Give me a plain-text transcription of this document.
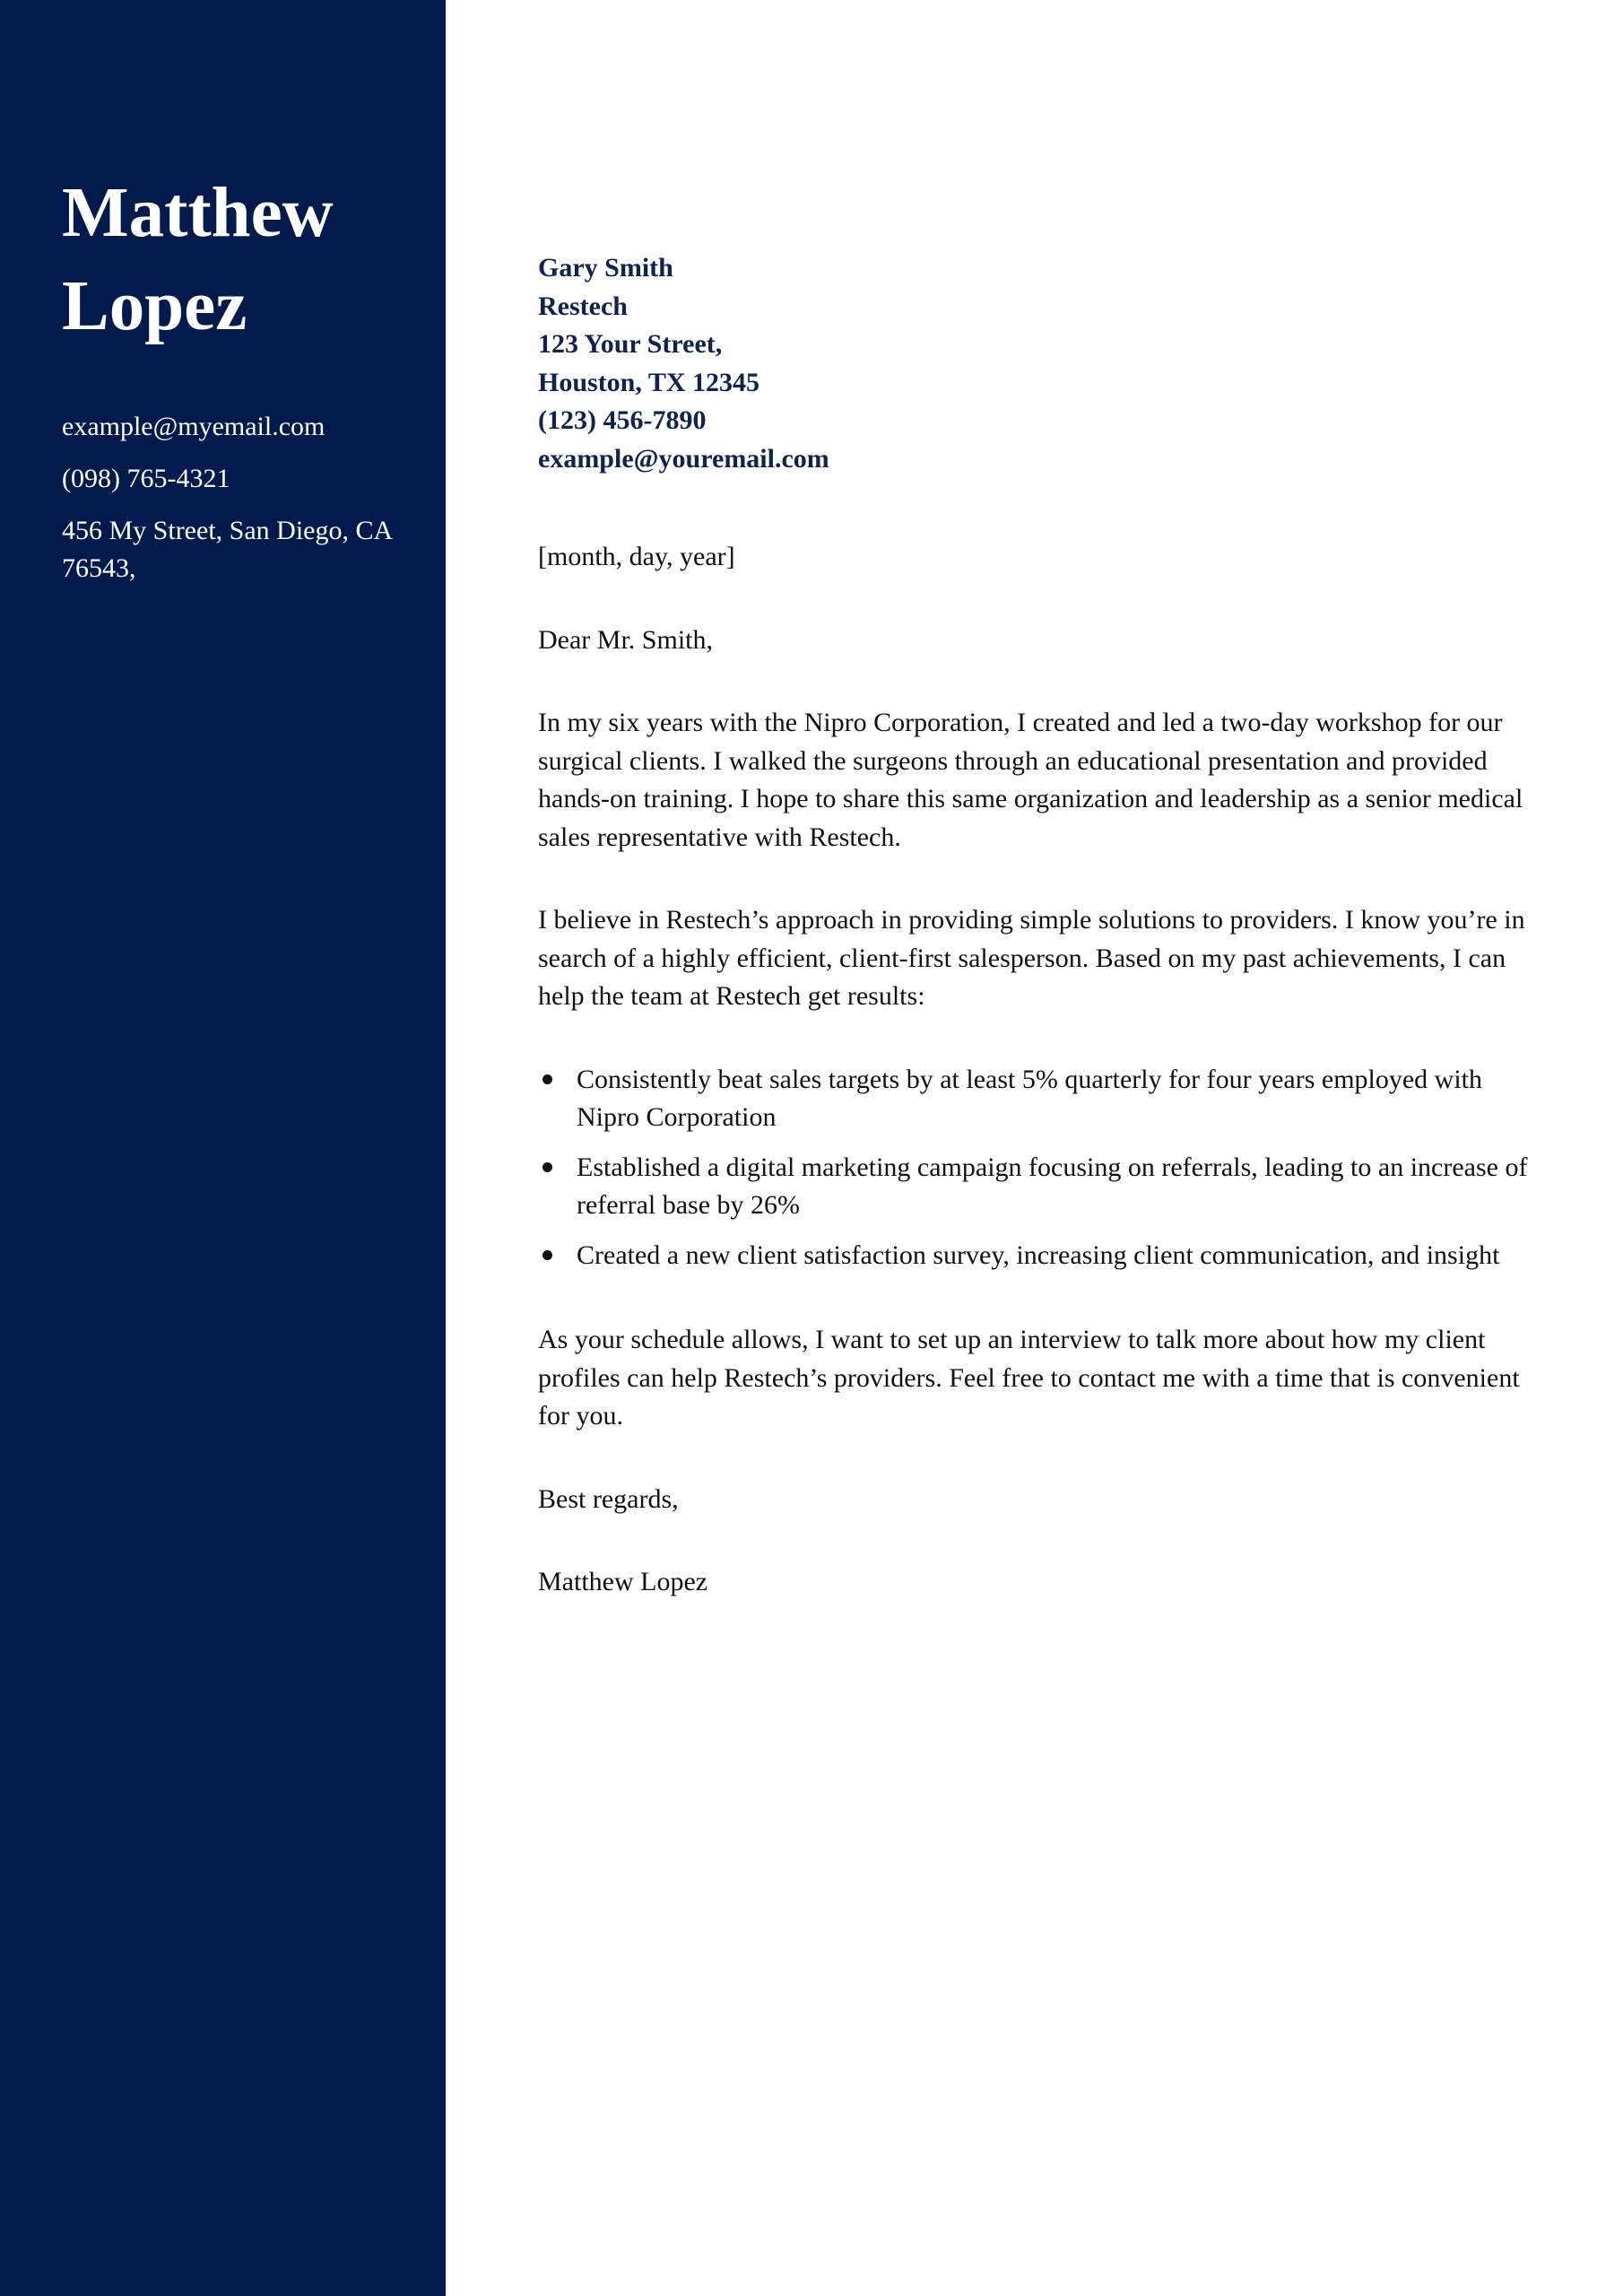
Matthew
Lopez
example@myemail.com
(098) 765-4321
456 My Street, San Diego, CA 76543,
Gary Smith
Restech
123 Your Street,
Houston, TX 12345
(123) 456-7890
example@youremail.com
[month, day, year]
Dear Mr. Smith,
In my six years with the Nipro Corporation, I created and led a two-day workshop for our surgical clients. I walked the surgeons through an educational presentation and provided hands-on training. I hope to share this same organization and leadership as a senior medical sales representative with Restech.
I believe in Restech’s approach in providing simple solutions to providers. I know you’re in search of a highly efficient, client-first salesperson. Based on my past achievements, I can help the team at Restech get results:
Consistently beat sales targets by at least 5% quarterly for four years employed with Nipro Corporation
Established a digital marketing campaign focusing on referrals, leading to an increase of referral base by 26%
Created a new client satisfaction survey, increasing client communication, and insight
As your schedule allows, I want to set up an interview to talk more about how my client profiles can help Restech’s providers. Feel free to contact me with a time that is convenient for you.
Best regards,
Matthew Lopez
